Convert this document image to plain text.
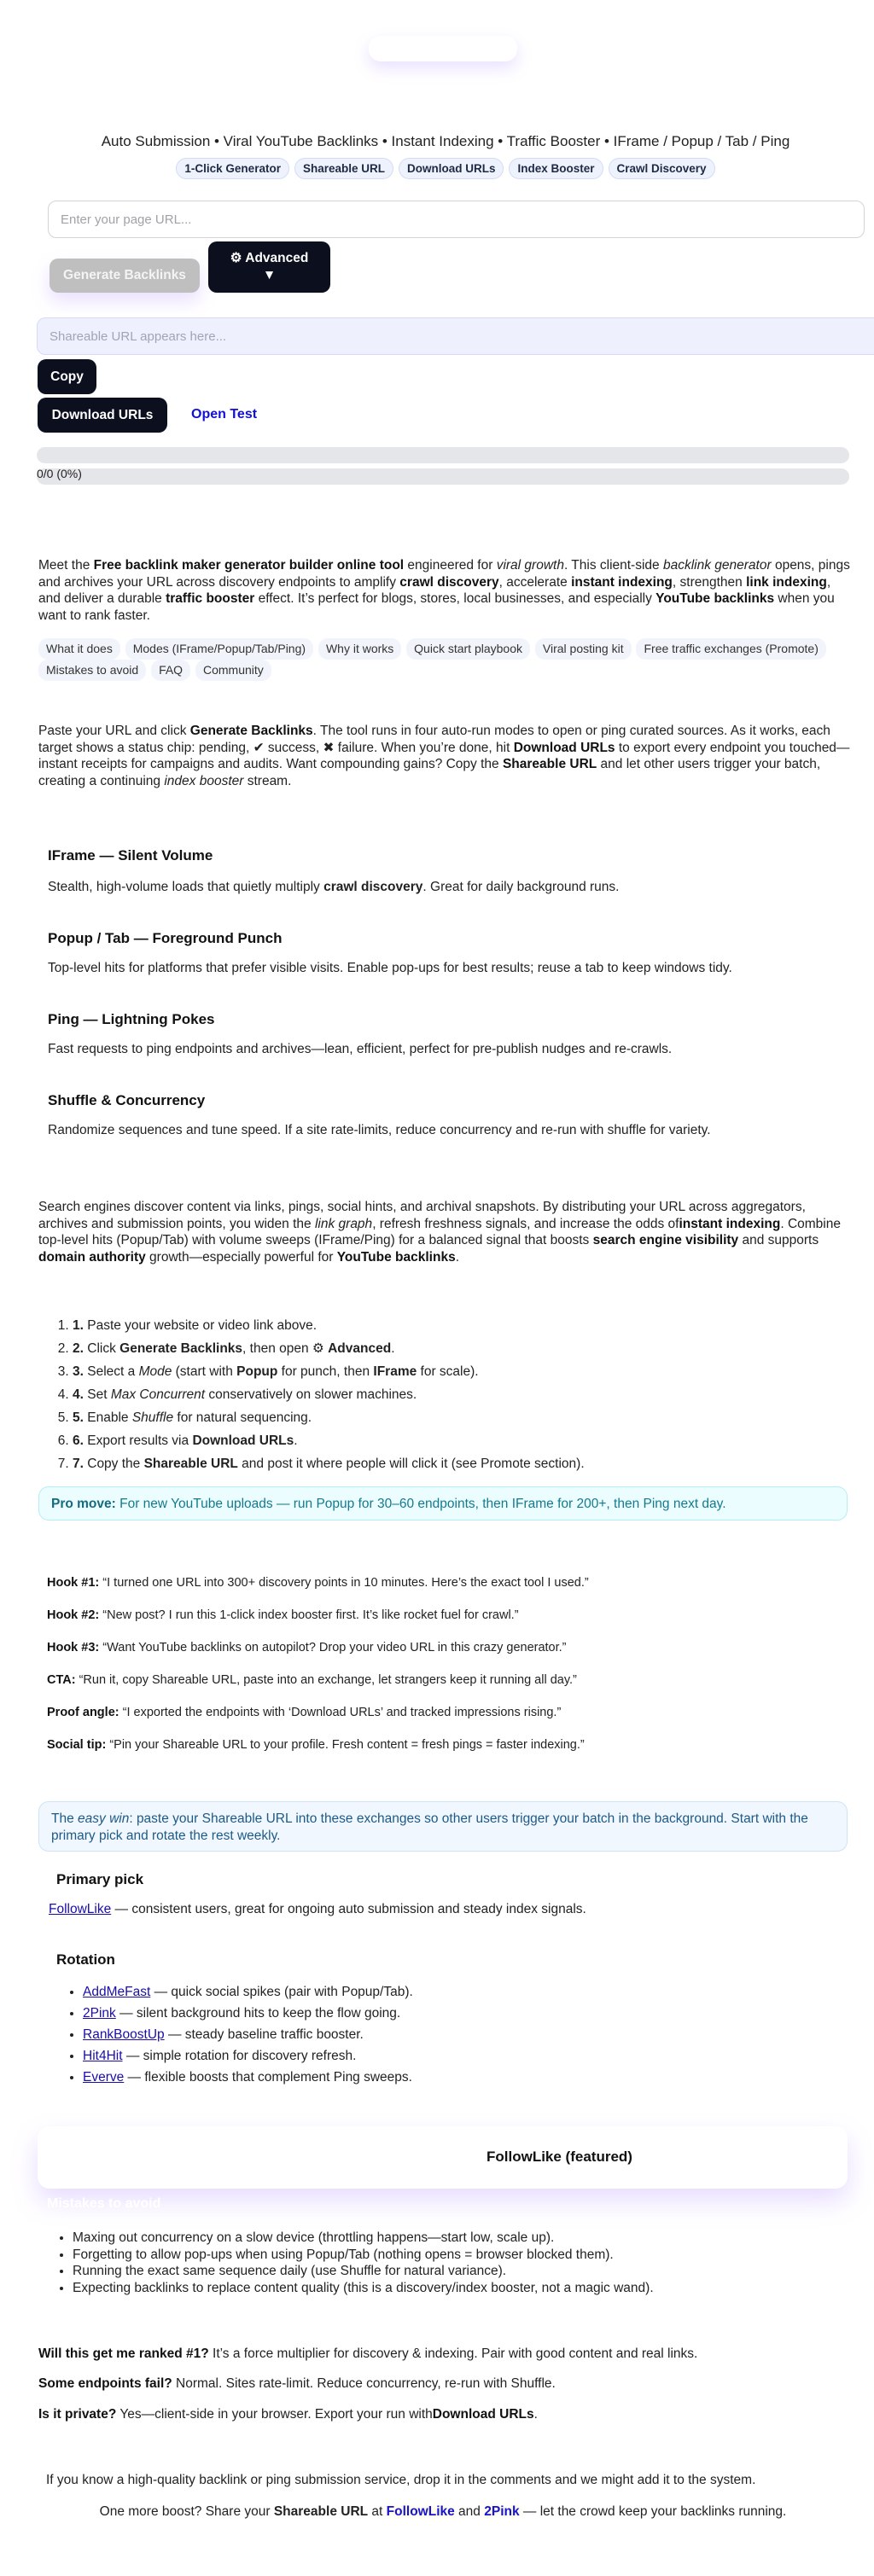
Auto Submission • Viral YouTube Backlinks • Instant Indexing • Traffic Booster • IFrame / Popup / Tab / Ping
1-Click Generator	Shareable URL	Download URLs	Index Booster	Crawl Discovery
Enter your page URL...
Generate Backlinks
⚙ Advanced
▼
Shareable URL appears here...
Copy
Download URLs	Open Test
0/0 (0%)
Meet the Free backlink maker generator builder online tool engineered for viral growth. This client-side backlink generator opens, pings and archives your URL across discovery endpoints to amplify crawl discovery, accelerate instant indexing, strengthen link indexing, and deliver a durable traffic booster effect. It’s perfect for blogs, stores, local businesses, and especially YouTube backlinks when you want to rank faster.
What it does Modes (IFrame/Popup/Tab/Ping) Why it works Quick start playbook Viral posting kit Free traffic exchanges (Promote)
Mistakes to avoid FAQ Community
Paste your URL and click Generate Backlinks. The tool runs in four auto-run modes to open or ping curated sources. As it works, each target shows a status chip: pending, ✔ success, ✖ failure. When you’re done, hit Download URLs to export every endpoint you touched—instant receipts for campaigns and audits. Want compounding gains? Copy the Shareable URL and let other users trigger your batch, creating a continuing index booster stream.
IFrame — Silent Volume
Stealth, high-volume loads that quietly multiply crawl discovery. Great for daily background runs.
Popup / Tab — Foreground Punch
Top-level hits for platforms that prefer visible visits. Enable pop-ups for best results; reuse a tab to keep windows tidy.
Ping — Lightning Pokes
Fast requests to ping endpoints and archives—lean, efficient, perfect for pre-publish nudges and re-crawls.
Shuffle & Concurrency
Randomize sequences and tune speed. If a site rate-limits, reduce concurrency and re-run with shuffle for variety.
Search engines discover content via links, pings, social hints, and archival snapshots. By distributing your URL across aggregators, archives and submission points, you widen the link graph, refresh freshness signals, and increase the odds ofinstant indexing. Combine top-level hits (Popup/Tab) with volume sweeps (IFrame/Ping) for a balanced signal that boosts search engine visibility and supports domain authority growth—especially powerful for YouTube backlinks.
1. 1. Paste your website or video link above.
2. 2. Click Generate Backlinks, then open ⚙ Advanced.
3. 3. Select a Mode (start with Popup for punch, then IFrame for scale).
4. 4. Set Max Concurrent conservatively on slower machines.
5. 5. Enable Shuffle for natural sequencing.
6. 6. Export results via Download URLs.
7. 7. Copy the Shareable URL and post it where people will click it (see Promote section).
Pro move: For new YouTube uploads — run Popup for 30–60 endpoints, then IFrame for 200+, then Ping next day.
Hook #1: “I turned one URL into 300+ discovery points in 10 minutes. Here’s the exact tool I used.”
Hook #2: “New post? I run this 1-click index booster first. It’s like rocket fuel for crawl.”
Hook #3: “Want YouTube backlinks on autopilot? Drop your video URL in this crazy generator.”
CTA: “Run it, copy Shareable URL, paste into an exchange, let strangers keep it running all day.”
Proof angle: “I exported the endpoints with ‘Download URLs’ and tracked impressions rising.”
Social tip: “Pin your Shareable URL to your profile. Fresh content = fresh pings = faster indexing.”
The easy win: paste your Shareable URL into these exchanges so other users trigger your batch in the background. Start with the primary pick and rotate the rest weekly.
Primary pick
FollowLike — consistent users, great for ongoing auto submission and steady index signals.
Rotation
• AddMeFast — quick social spikes (pair with Popup/Tab).
• 2Pink — silent background hits to keep the flow going.
• RankBoostUp — steady baseline traffic booster.
• Hit4Hit — simple rotation for discovery refresh.
• Everve — flexible boosts that complement Ping sweeps.
FollowLike (featured)
Mistakes to avoid
• Maxing out concurrency on a slow device (throttling happens—start low, scale up).
• Forgetting to allow pop-ups when using Popup/Tab (nothing opens = browser blocked them).
• Running the exact same sequence daily (use Shuffle for natural variance).
• Expecting backlinks to replace content quality (this is a discovery/index booster, not a magic wand).
Will this get me ranked #1? It’s a force multiplier for discovery & indexing. Pair with good content and real links.
Some endpoints fail? Normal. Sites rate-limit. Reduce concurrency, re-run with Shuffle.
Is it private? Yes—client-side in your browser. Export your run withDownload URLs.
If you know a high-quality backlink or ping submission service, drop it in the comments and we might add it to the system.
One more boost? Share your Shareable URL at FollowLike and 2Pink — let the crowd keep your backlinks running.
